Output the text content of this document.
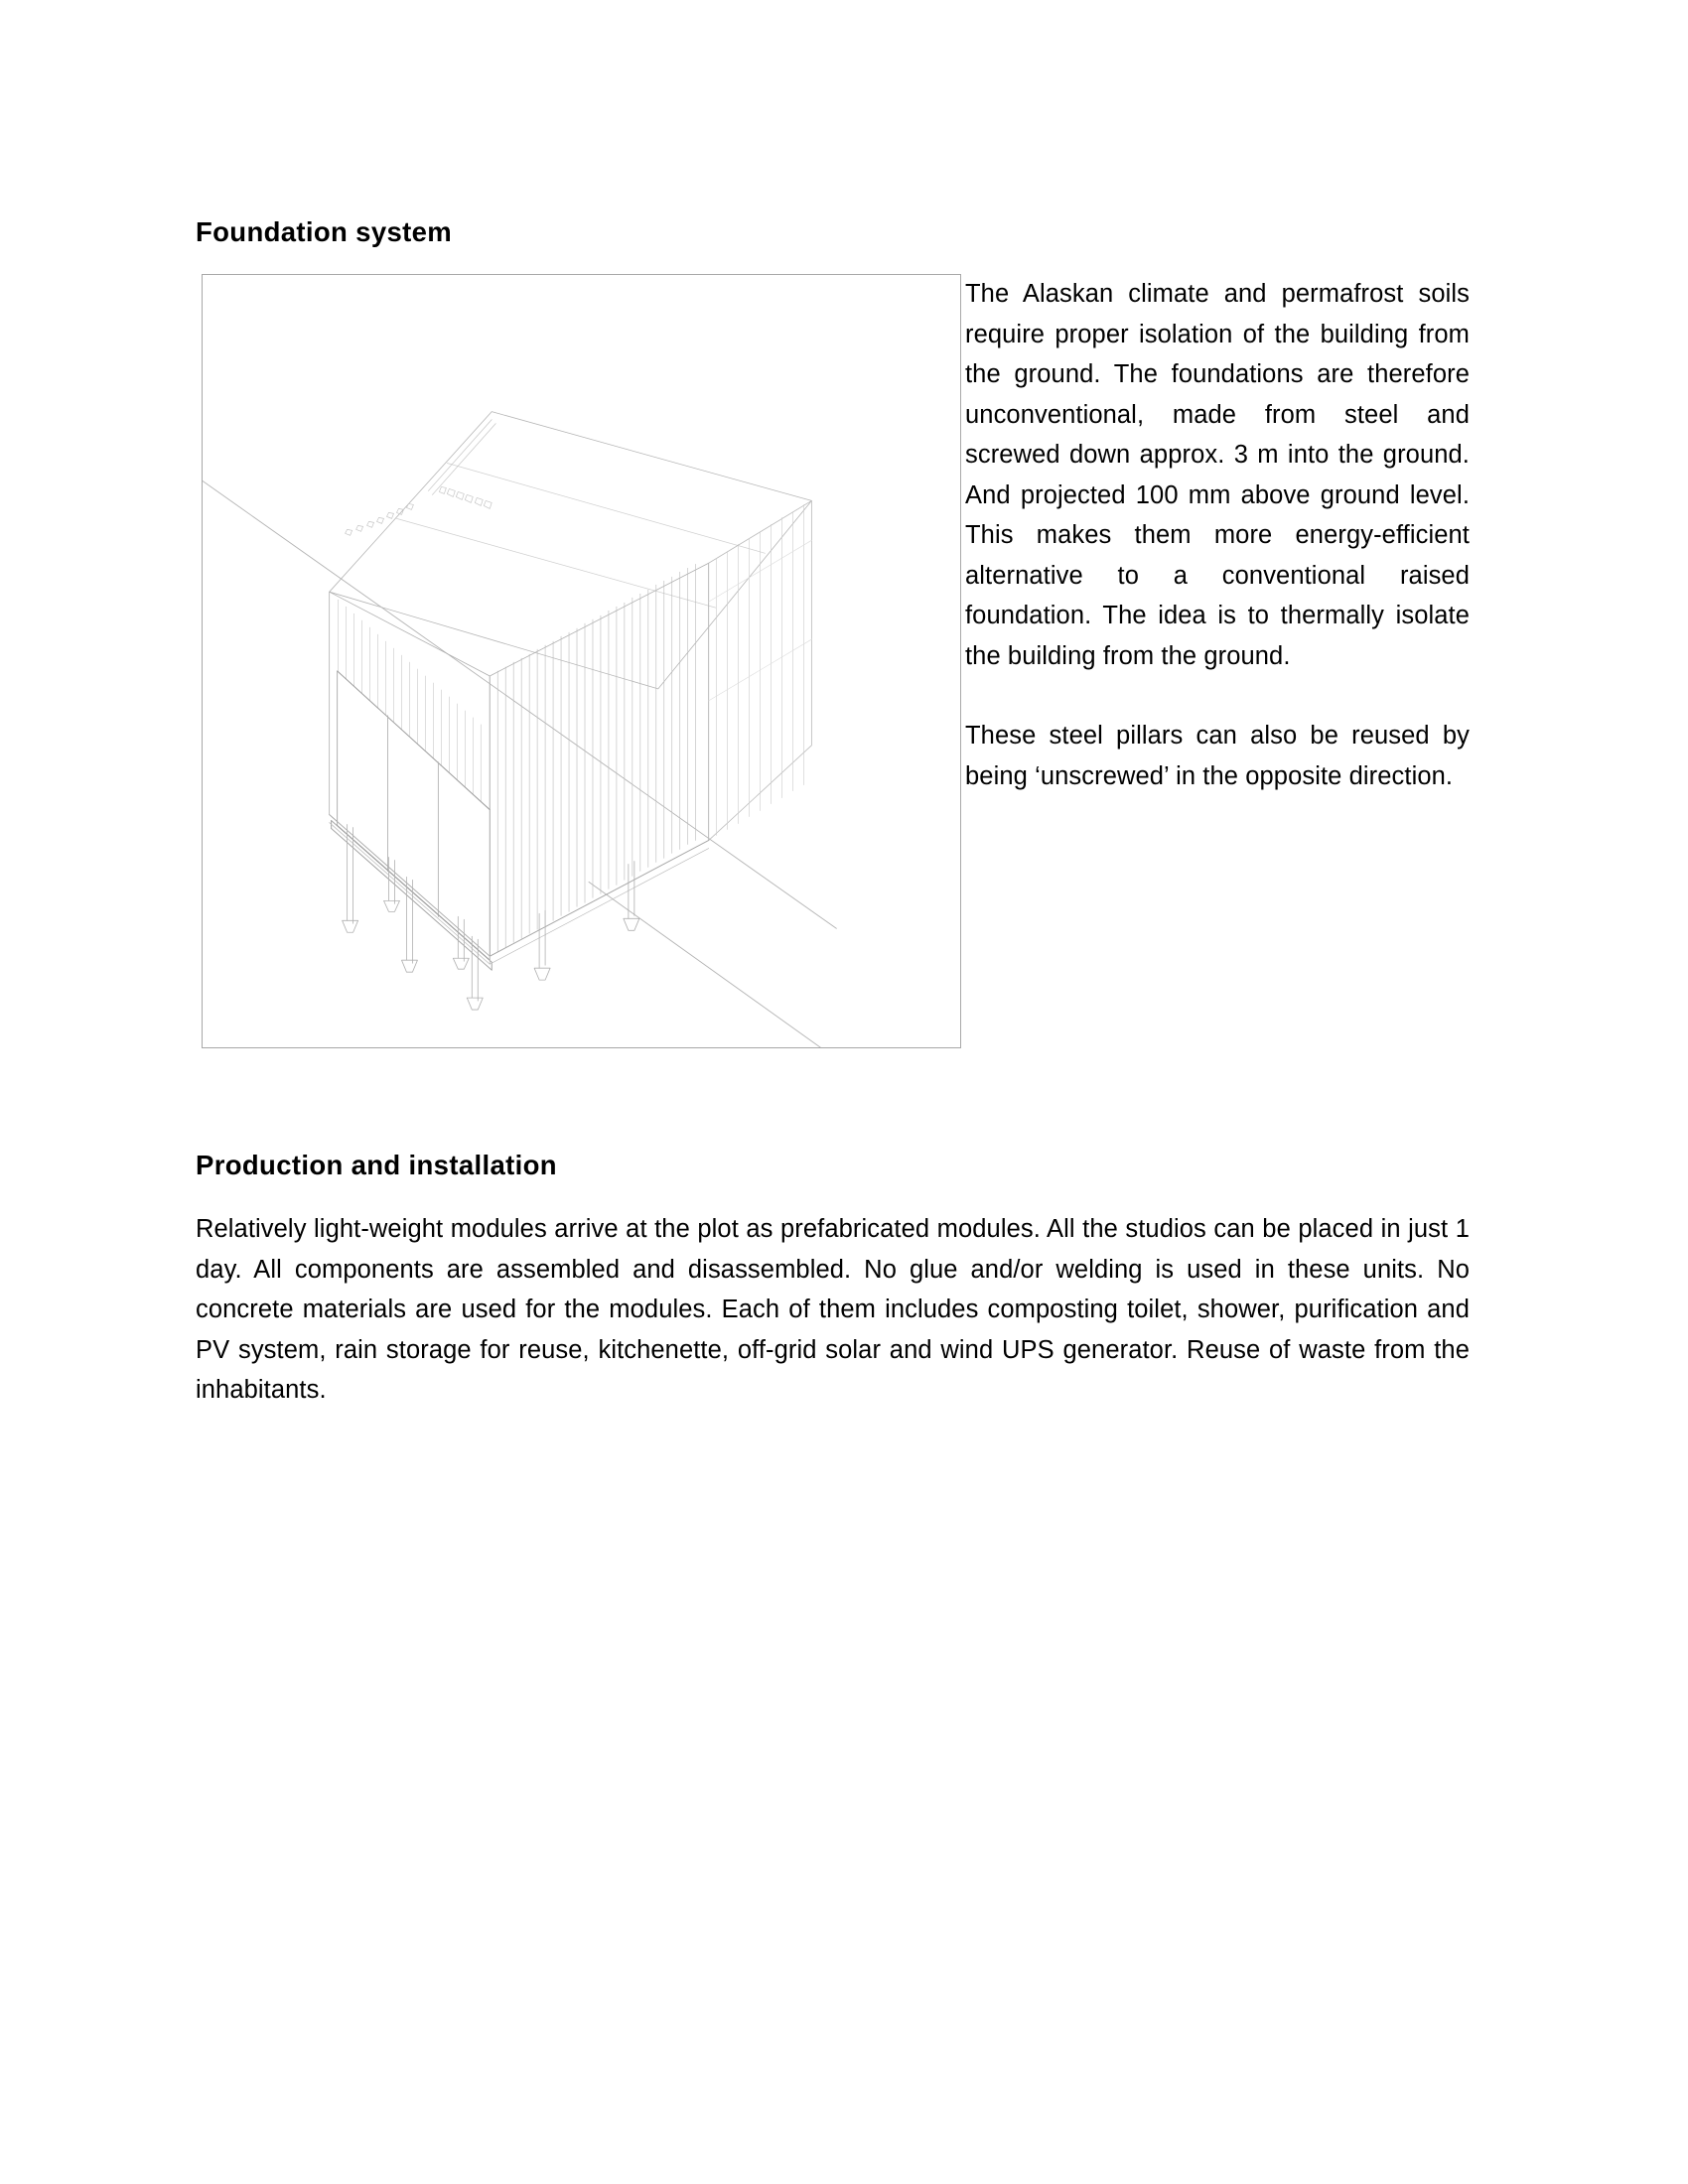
Foundation system

The Alaskan climate and permafrost soils require proper isolation of the building from the ground. The foundations are therefore unconventional, made from steel and screwed down approx. 3 m into the ground. And projected 100 mm above ground level. This makes them more energy-efficient alternative to a conventional raised foundation. The idea is to thermally isolate the building from the ground.

These steel pillars can also be reused by being ‘unscrewed’ in the opposite direction.

Production and installation

Relatively light-weight modules arrive at the plot as prefabricated modules. All the studios can be placed in just 1 day. All components are assembled and disassembled. No glue and/or welding is used in these units. No concrete materials are used for the modules. Each of them includes composting toilet, shower, purification and PV system, rain storage for reuse, kitchenette, off-grid solar and wind UPS generator. Reuse of waste from the inhabitants.
